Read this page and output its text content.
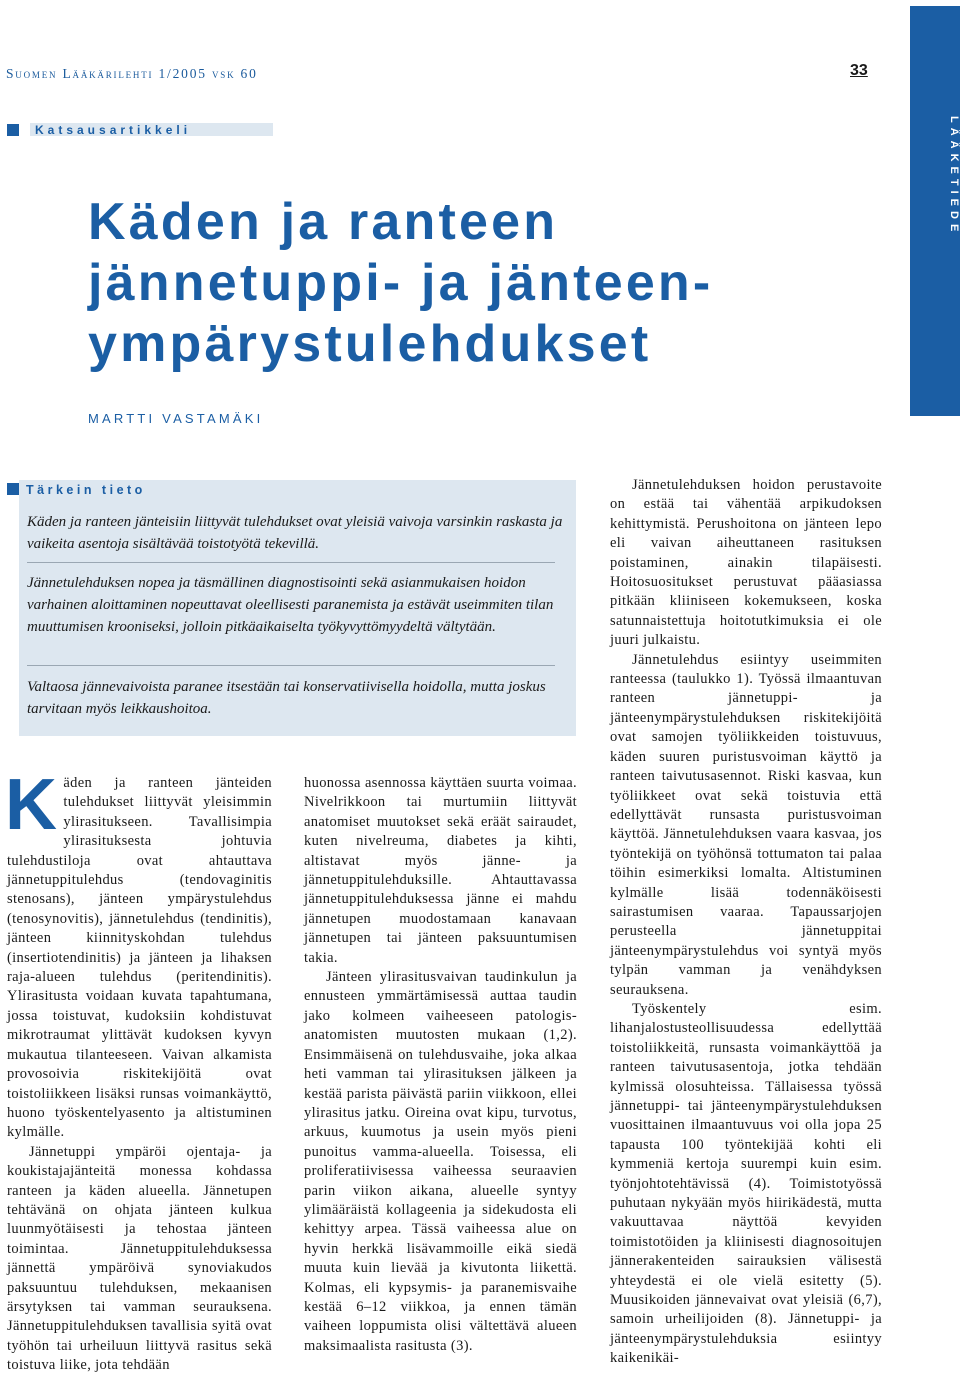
Suomen Lääkärilehti 1/2005 vsk 60	33
LÄÄKETIEDE
Katsausartikkeli
Käden ja ranteen
jännetuppi- ja jänteen-
ympärystulehdukset
MARTTI VASTAMÄKI
Tärkein tieto
Käden ja ranteen jänteisiin liittyvät tulehdukset ovat yleisiä vaivoja varsinkin raskasta ja vaikeita asentoja sisältävää toistotyötä tekevillä.
Jännetulehduksen nopea ja täsmällinen diagnostisointi sekä asianmukaisen hoidon varhainen aloittaminen nopeuttavat oleellisesti paranemista ja estävät useimmiten tilan muuttumisen krooniseksi, jolloin pitkäaikaiselta työkyvyttömyydeltä vältytään.
Valtaosa jännevaivoista paranee itsestään tai konservatiivisella hoidolla, mutta joskus tarvitaan myös leikkaushoitoa.
K äden ja ranteen jänteiden tulehdukset liittyvät yleisimmin ylirasitukseen. Tavallisimpia ylirasituksesta johtuvia tulehdustiloja ovat ahtauttava jännetuppitulehdus (tendovaginitis stenosans), jänteen ympärystulehdus (tenosynovitis), jännetulehdus (tendinitis), jänteen kiinnityskohdan tulehdus (insertiotendinitis) ja jänteen ja lihaksen raja-alueen tulehdus (peritendinitis). Ylirasitusta voidaan kuvata tapahtumana, jossa toistuvat, kudoksiin kohdistuvat mikrotraumat ylittävät kudoksen kyvyn mukautua tilanteeseen. Vaivan alkamista provosoivia riskitekijöitä ovat toistoliikkeen lisäksi runsas voimankäyttö, huono työskentelyasento ja altistuminen kylmälle.

Jännetuppi ympäröi ojentaja- ja koukistajajänteitä monessa kohdassa ranteen ja käden alueella. Jännetupen tehtävänä on ohjata jänteen kulkua luunmyötäisesti ja tehostaa jänteen toimintaa. Jännetuppitulehduksessa jännettä ympäröivä synoviakudos paksuuntuu tulehduksen, mekaanisen ärsytyksen tai vamman seurauksena. Jännetuppitulehduksen tavallisia syitä ovat työhön tai urheiluun liittyvä rasitus sekä toistuva liike, jota tehdään

huonossa asennossa käyttäen suurta voimaa. Nivelrikkoon tai murtumiin liittyvät anatomiset muutokset sekä eräät sairaudet, kuten nivelreuma, diabetes ja kihti, altistavat myös jänne- ja jännetuppitulehduksille. Ahtauttavassa jännetuppitulehduksessa jänne ei mahdu jännetupen muodostamaan kanavaan jännetupen tai jänteen paksuuntumisen takia.

Jänteen ylirasitusvaivan taudinkulun ja ennusteen ymmärtämisessä auttaa taudin jako kolmeen vaiheeseen patologis-anatomisten muutosten mukaan (1,2). Ensimmäisenä on tulehdusvaihe, joka alkaa heti vamman tai ylirasituksen jälkeen ja kestää parista päivästä pariin viikkoon, ellei ylirasitus jatku. Oireina ovat kipu, turvotus, arkuus, kuumotus ja usein myös pieni punoitus vamma-alueella. Toisessa, eli proliferatiivisessa vaiheessa seuraavien parin viikon aikana, alueelle syntyy ylimääräistä kollageenia ja sidekudosta eli kehittyy arpea. Tässä vaiheessa alue on hyvin herkkä lisävammoille eikä siedä muuta kuin lievää ja kivutonta liikettä. Kolmas, eli kypsymis- ja paranemisvaihe kestää 6–12 viikkoa, ja ennen tämän vaiheen loppumista olisi vältettävä alueen maksimaalista rasitusta (3).

Jännetulehduksen hoidon perustavoite on estää tai vähentää arpikudoksen kehittymistä. Perushoitona on jänteen lepo eli vaivan aiheuttaneen rasituksen poistaminen, ainakin tilapäisesti. Hoitosuositukset perustuvat pääasiassa pitkään kliiniseen kokemukseen, koska satunnaistettuja hoitotutkimuksia ei ole juuri julkaistu.

Jännetulehdus esiintyy useimmiten ranteessa (taulukko 1). Työssä ilmaantuvan ranteen jännetuppi- ja jänteenympärystulehduksen riskitekijöitä ovat samojen työliikkeiden toistuvuus, käden suuren puristusvoiman käyttö ja ranteen taivutusasennot. Riski kasvaa, kun työliikkeet ovat sekä toistuvia että edellyttävät runsasta puristusvoiman käyttöä. Jännetulehduksen vaara kasvaa, jos työntekijä on työhönsä tottumaton tai palaa töihin esimerkiksi lomalta. Altistuminen kylmälle lisää todennäköisesti sairastumisen vaaraa. Tapaussarjojen perusteella jännetuppitai jänteenympärystulehdus voi syntyä myös tylpän vamman ja venähdyksen seurauksena.

Työskentely esim. lihanjalostusteollisuudessa edellyttää toistoliikkeitä, runsasta voimankäyttöä ja ranteen taivutusasentoja, jotka tehdään kylmissä olosuhteissa. Tällaisessa työssä jännetuppi- tai jänteenympärystulehduksen vuosittainen ilmaantuvuus voi olla jopa 25 tapausta 100 työntekijää kohti eli kymmeniä kertoja suurempi kuin esim. työnjohtotehtävissä (4). Toimistotyössä puhutaan nykyään myös hiirikädestä, mutta vakuuttavaa näyttöä kevyiden toimistotöiden ja kliinisesti diagnosoitujen jännerakenteiden sairauksien välisestä yhteydestä ei ole vielä esitetty (5). Muusikoiden jännevaivat ovat yleisiä (6,7), samoin urheilijoiden (8). Jännetuppi- ja jänteenympärystulehduksia esiintyy kaikenikäi-
